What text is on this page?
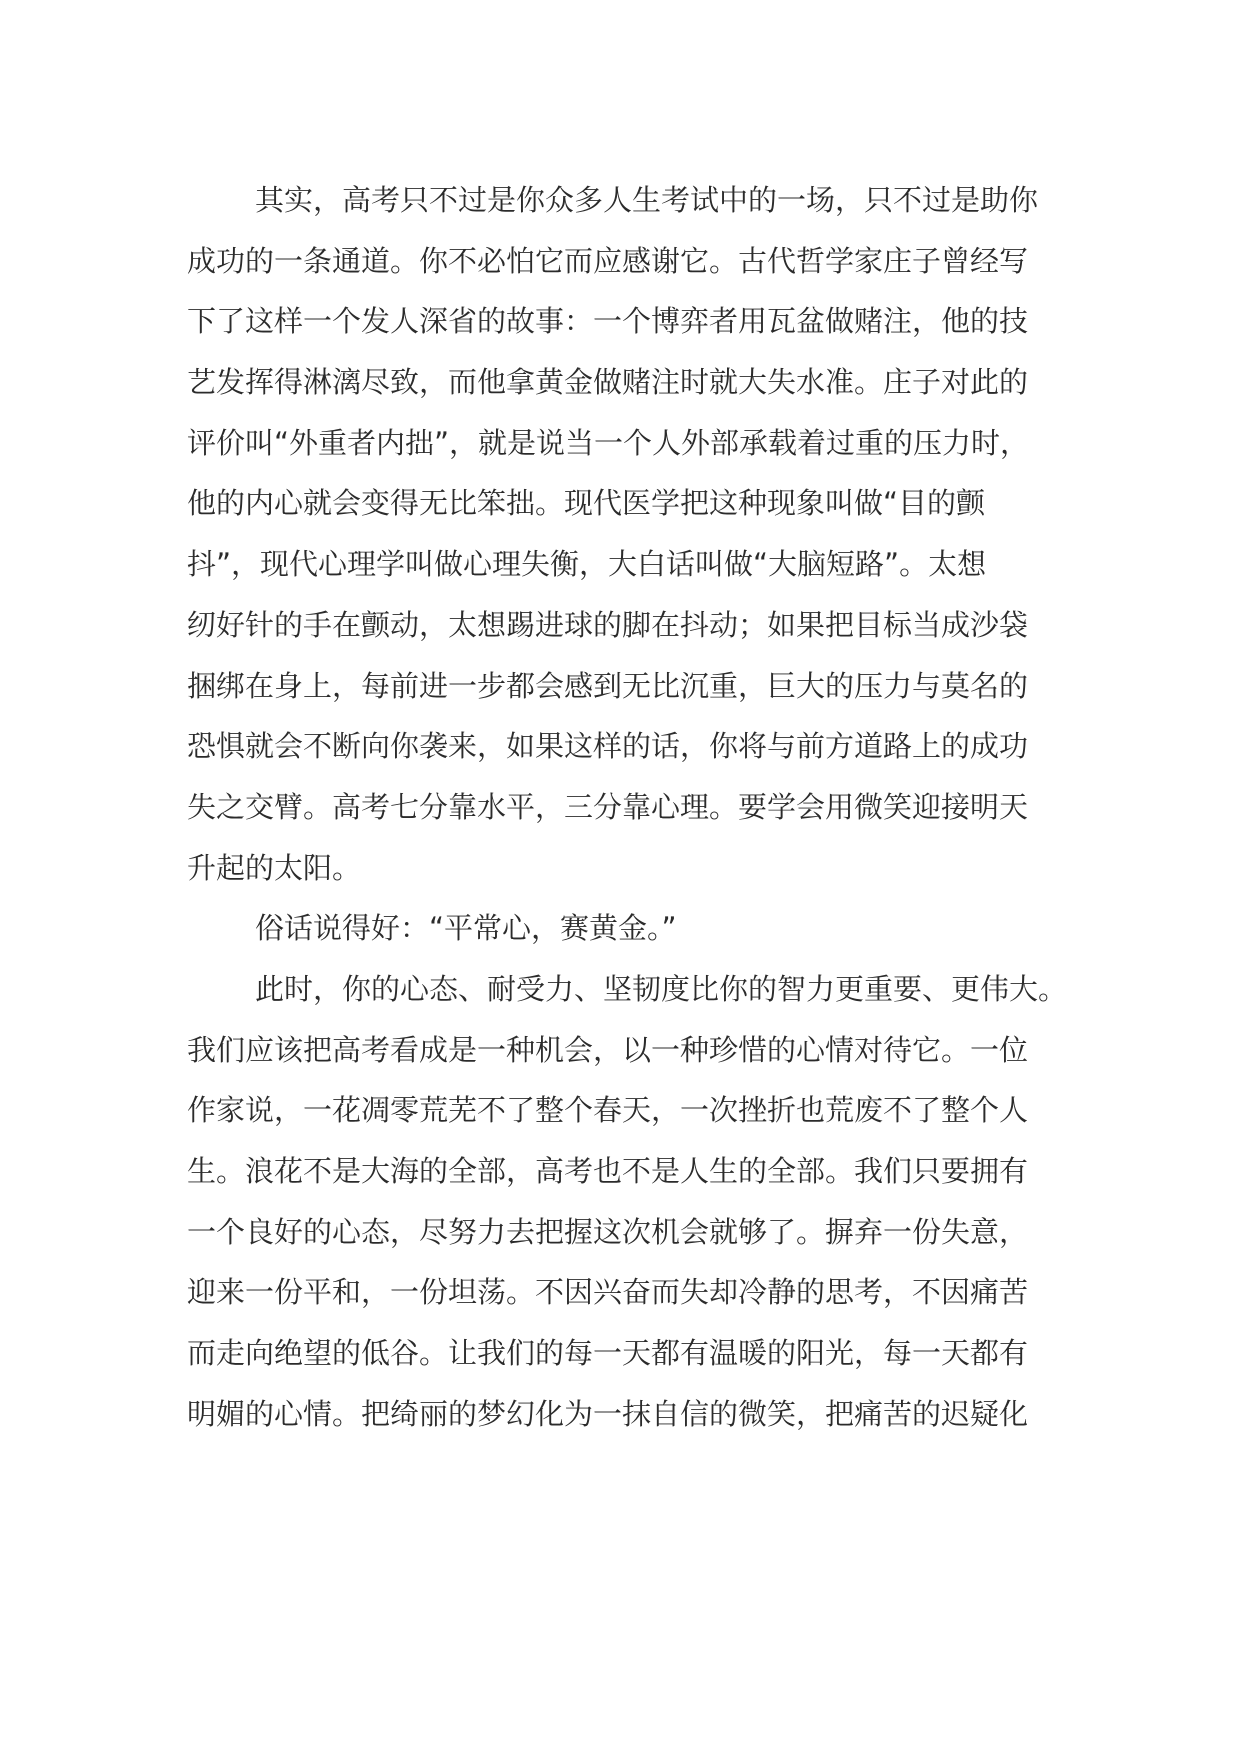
其实，高考只不过是你众多人生考试中的一场，只不过是助你
成功的一条通道。你不必怕它而应感谢它。古代哲学家庄子曾经写
下了这样一个发人深省的故事：一个博弈者用瓦盆做赌注，他的技
艺发挥得淋漓尽致，而他拿黄金做赌注时就大失水准。庄子对此的
评价叫“外重者内拙”，就是说当一个人外部承载着过重的压力时，
他的内心就会变得无比笨拙。现代医学把这种现象叫做“目的颤
抖”，现代心理学叫做心理失衡，大白话叫做“大脑短路”。太想
纫好针的手在颤动，太想踢进球的脚在抖动；如果把目标当成沙袋
捆绑在身上，每前进一步都会感到无比沉重，巨大的压力与莫名的
恐惧就会不断向你袭来，如果这样的话，你将与前方道路上的成功
失之交臂。高考七分靠水平，三分靠心理。要学会用微笑迎接明天
升起的太阳。
俗话说得好：“平常心，赛黄金。”
此时，你的心态、耐受力、坚韧度比你的智力更重要、更伟大。
我们应该把高考看成是一种机会，以一种珍惜的心情对待它。一位
作家说，一花凋零荒芜不了整个春天，一次挫折也荒废不了整个人
生。浪花不是大海的全部，高考也不是人生的全部。我们只要拥有
一个良好的心态，尽努力去把握这次机会就够了。摒弃一份失意，
迎来一份平和，一份坦荡。不因兴奋而失却冷静的思考，不因痛苦
而走向绝望的低谷。让我们的每一天都有温暖的阳光，每一天都有
明媚的心情。把绮丽的梦幻化为一抹自信的微笑，把痛苦的迟疑化
